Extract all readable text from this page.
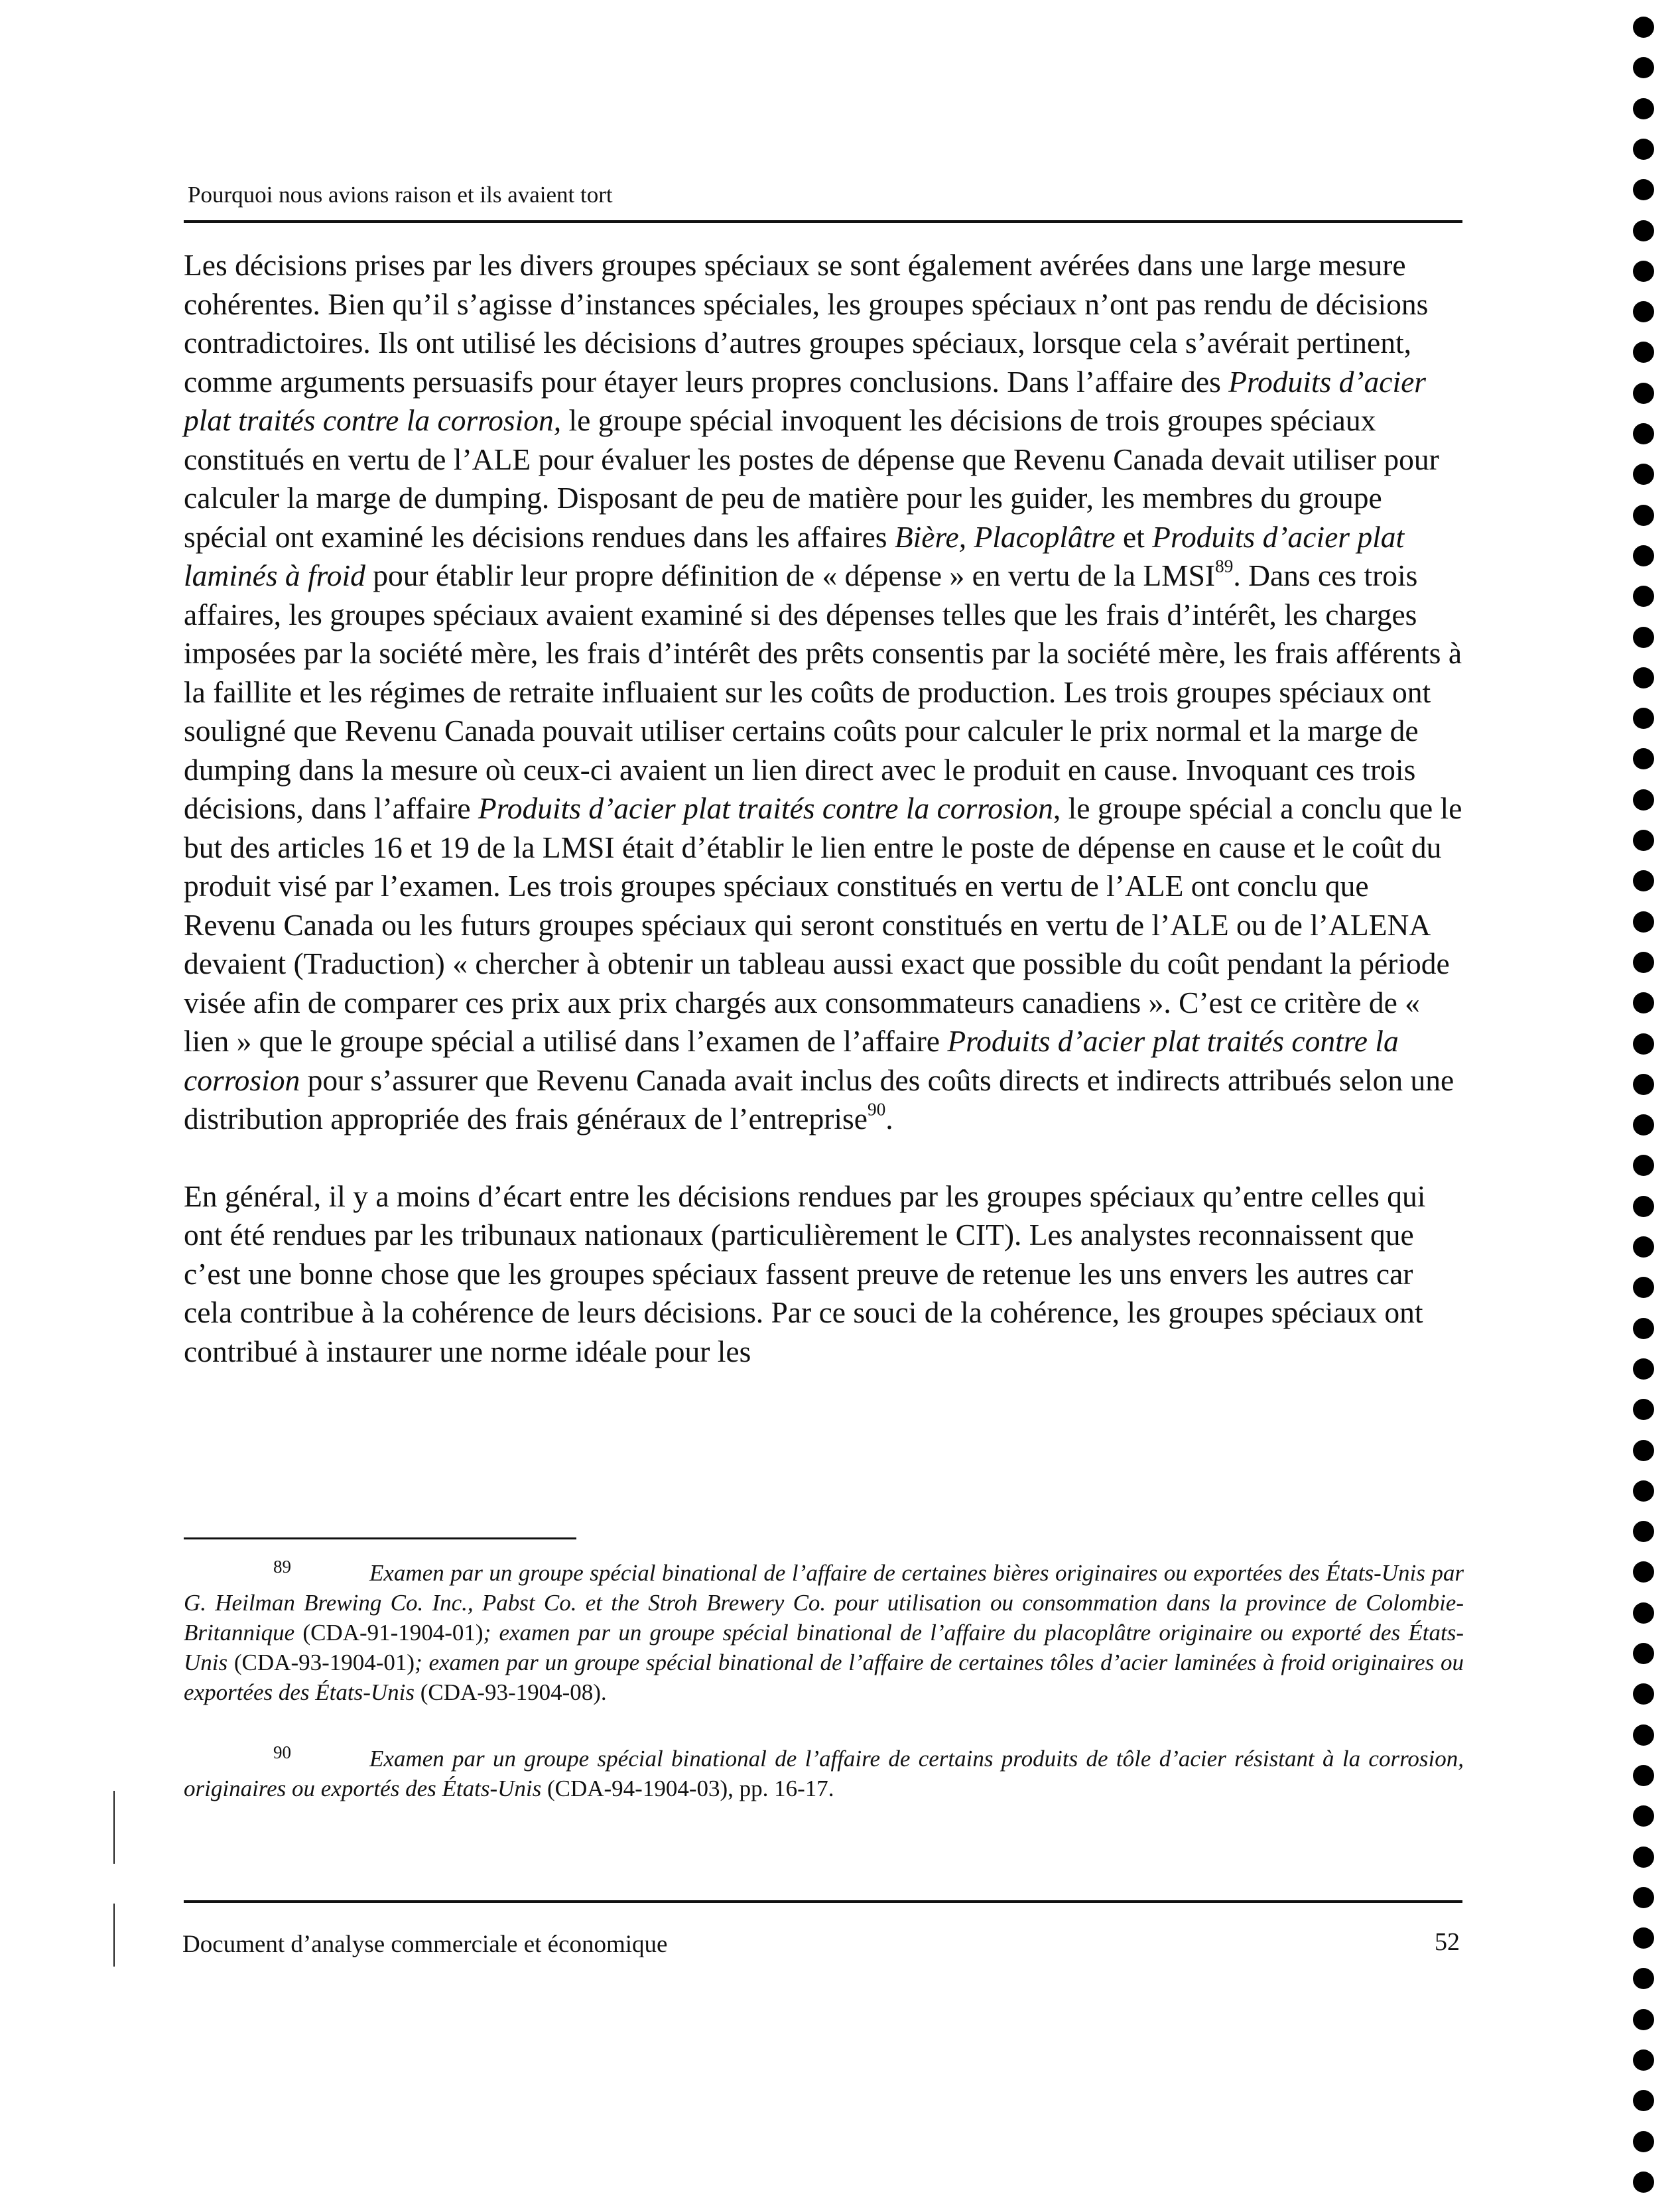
Pourquoi nous avions raison et ils avaient tort

Les décisions prises par les divers groupes spéciaux se sont également avérées dans une large mesure cohérentes. Bien qu’il s’agisse d’instances spéciales, les groupes spéciaux n’ont pas rendu de décisions contradictoires. Ils ont utilisé les décisions d’autres groupes spéciaux, lorsque cela s’avérait pertinent, comme arguments persuasifs pour étayer leurs propres conclusions. Dans l’affaire des Produits d’acier plat traités contre la corrosion, le groupe spécial invoquent les décisions de trois groupes spéciaux constitués en vertu de l’ALE pour évaluer les postes de dépense que Revenu Canada devait utiliser pour calculer la marge de dumping. Disposant de peu de matière pour les guider, les membres du groupe spécial ont examiné les décisions rendues dans les affaires Bière, Placoplâtre et Produits d’acier plat laminés à froid pour établir leur propre définition de « dépense » en vertu de la LMSI$^{89}$. Dans ces trois affaires, les groupes spéciaux avaient examiné si des dépenses telles que les frais d’intérêt, les charges imposées par la société mère, les frais d’intérêt des prêts consentis par la société mère, les frais afférents à la faillite et les régimes de retraite influaient sur les coûts de production. Les trois groupes spéciaux ont souligné que Revenu Canada pouvait utiliser certains coûts pour calculer le prix normal et la marge de dumping dans la mesure où ceux-ci avaient un lien direct avec le produit en cause. Invoquant ces trois décisions, dans l’affaire Produits d’acier plat traités contre la corrosion, le groupe spécial a conclu que le but des articles 16 et 19 de la LMSI était d’établir le lien entre le poste de dépense en cause et le coût du produit visé par l’examen. Les trois groupes spéciaux constitués en vertu de l’ALE ont conclu que Revenu Canada ou les futurs groupes spéciaux qui seront constitués en vertu de l’ALE ou de l’ALENA devaient (Traduction) « chercher à obtenir un tableau aussi exact que possible du coût pendant la période visée afin de comparer ces prix aux prix chargés aux consommateurs canadiens ». C’est ce critère de « lien » que le groupe spécial a utilisé dans l’examen de l’affaire Produits d’acier plat traités contre la corrosion pour s’assurer que Revenu Canada avait inclus des coûts directs et indirects attribués selon une distribution appropriée des frais généraux de l’entreprise$^{90}$.

En général, il y a moins d’écart entre les décisions rendues par les groupes spéciaux qu’entre celles qui ont été rendues par les tribunaux nationaux (particulièrement le CIT). Les analystes reconnaissent que c’est une bonne chose que les groupes spéciaux fassent preuve de retenue les uns envers les autres car cela contribue à la cohérence de leurs décisions. Par ce souci de la cohérence, les groupes spéciaux ont contribué à instaurer une norme idéale pour les

89	Examen par un groupe spécial binational de l’affaire de certaines bières originaires ou exportées des États-Unis par G. Heilman Brewing Co. Inc., Pabst Co. et the Stroh Brewery Co. pour utilisation ou consommation dans la province de Colombie-Britannique (CDA-91-1904-01); examen par un groupe spécial binational de l’affaire du placoplâtre originaire ou exporté des États-Unis (CDA-93-1904-01); examen par un groupe spécial binational de l’affaire de certaines tôles d’acier laminées à froid originaires ou exportées des États-Unis (CDA-93-1904-08).
90	Examen par un groupe spécial binational de l’affaire de certains produits de tôle d’acier résistant à la corrosion, originaires ou exportés des États-Unis (CDA-94-1904-03), pp. 16-17.
Document d’analyse commerciale et économique	52
